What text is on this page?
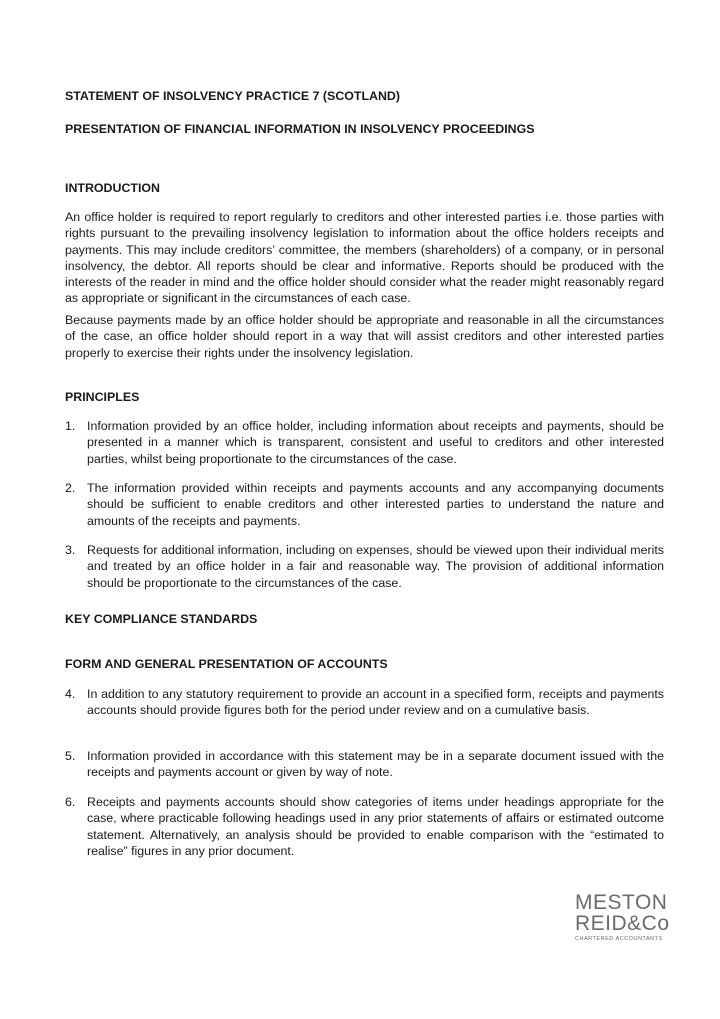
STATEMENT OF INSOLVENCY PRACTICE 7 (SCOTLAND)
PRESENTATION OF FINANCIAL INFORMATION IN INSOLVENCY PROCEEDINGS
INTRODUCTION

An office holder is required to report regularly to creditors and other interested parties i.e. those parties with rights pursuant to the prevailing insolvency legislation to information about the office holders receipts and payments. This may include creditors’ committee, the members (shareholders) of a company, or in personal insolvency, the debtor. All reports should be clear and informative. Reports should be produced with the interests of the reader in mind and the office holder should consider what the reader might reasonably regard as appropriate or significant in the circumstances of each case.

Because payments made by an office holder should be appropriate and reasonable in all the circumstances of the case, an office holder should report in a way that will assist creditors and other interested parties properly to exercise their rights under the insolvency legislation.

PRINCIPLES
1. Information provided by an office holder, including information about receipts and payments, should be presented in a manner which is transparent, consistent and useful to creditors and other interested parties, whilst being proportionate to the circumstances of the case.

2. The information provided within receipts and payments accounts and any accompanying documents should be sufficient to enable creditors and other interested parties to understand the nature and amounts of the receipts and payments.

3. Requests for additional information, including on expenses, should be viewed upon their individual merits and treated by an office holder in a fair and reasonable way. The provision of additional information should be proportionate to the circumstances of the case.

KEY COMPLIANCE STANDARDS
FORM AND GENERAL PRESENTATION OF ACCOUNTS
4. In addition to any statutory requirement to provide an account in a specified form, receipts and payments accounts should provide figures both for the period under review and on a cumulative basis.

5. Information provided in accordance with this statement may be in a separate document issued with the receipts and payments account or given by way of note.

6. Receipts and payments accounts should show categories of items under headings appropriate for the case, where practicable following headings used in any prior statements of affairs or estimated outcome statement. Alternatively, an analysis should be provided to enable comparison with the “estimated to realise” figures in any prior document.

MESTON
REID&Co
CHARTERED ACCOUNTANTS
